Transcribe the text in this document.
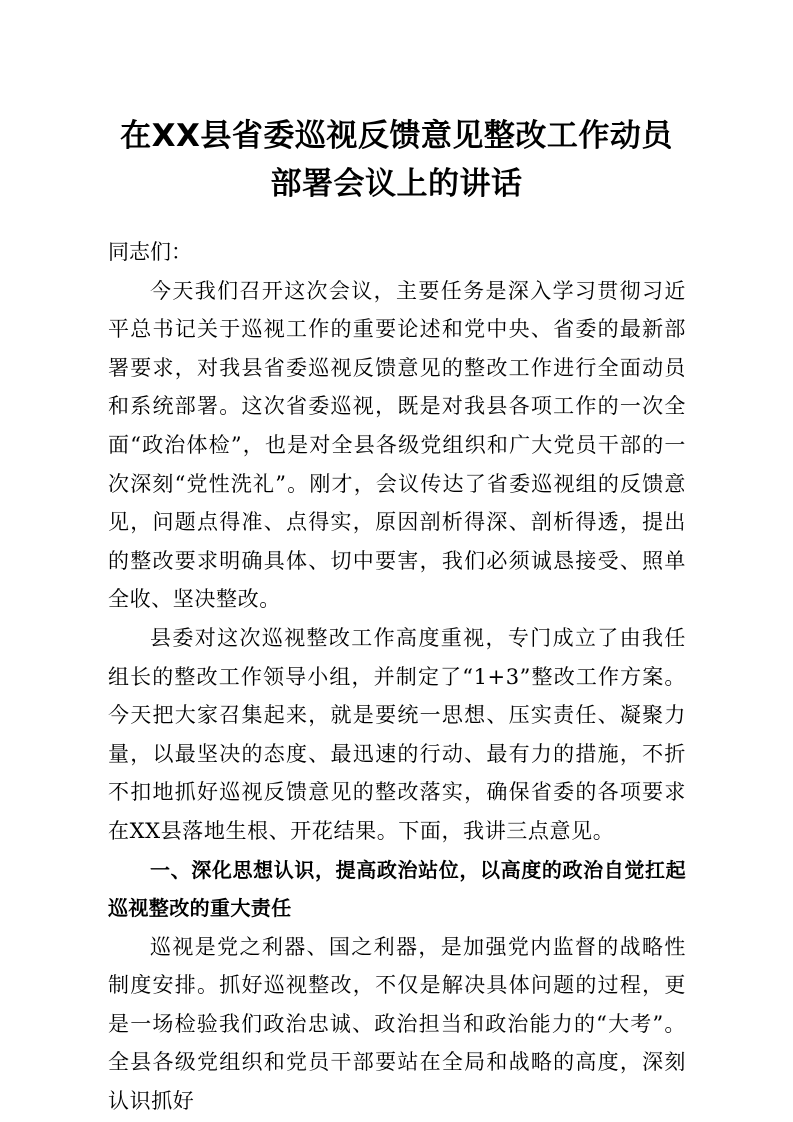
在XX县省委巡视反馈意见整改工作动员
部署会议上的讲话

同志们：

今天我们召开这次会议，主要任务是深入学习贯彻习近平总书记关于巡视工作的重要论述和党中央、省委的最新部署要求，对我县省委巡视反馈意见的整改工作进行全面动员和系统部署。这次省委巡视，既是对我县各项工作的一次全面“政治体检”，也是对全县各级党组织和广大党员干部的一次深刻“党性洗礼”。刚才，会议传达了省委巡视组的反馈意见，问题点得准、点得实，原因剖析得深、剖析得透，提出的整改要求明确具体、切中要害，我们必须诚恳接受、照单全收、坚决整改。

县委对这次巡视整改工作高度重视，专门成立了由我任组长的整改工作领导小组，并制定了“1+3”整改工作方案。今天把大家召集起来，就是要统一思想、压实责任、凝聚力量，以最坚决的态度、最迅速的行动、最有力的措施，不折不扣地抓好巡视反馈意见的整改落实，确保省委的各项要求在XX县落地生根、开花结果。下面，我讲三点意见。

一、深化思想认识，提高政治站位，以高度的政治自觉扛起巡视整改的重大责任

巡视是党之利器、国之利器，是加强党内监督的战略性制度安排。抓好巡视整改，不仅是解决具体问题的过程，更是一场检验我们政治忠诚、政治担当和政治能力的“大考”。全县各级党组织和党员干部要站在全局和战略的高度，深刻认识抓好
